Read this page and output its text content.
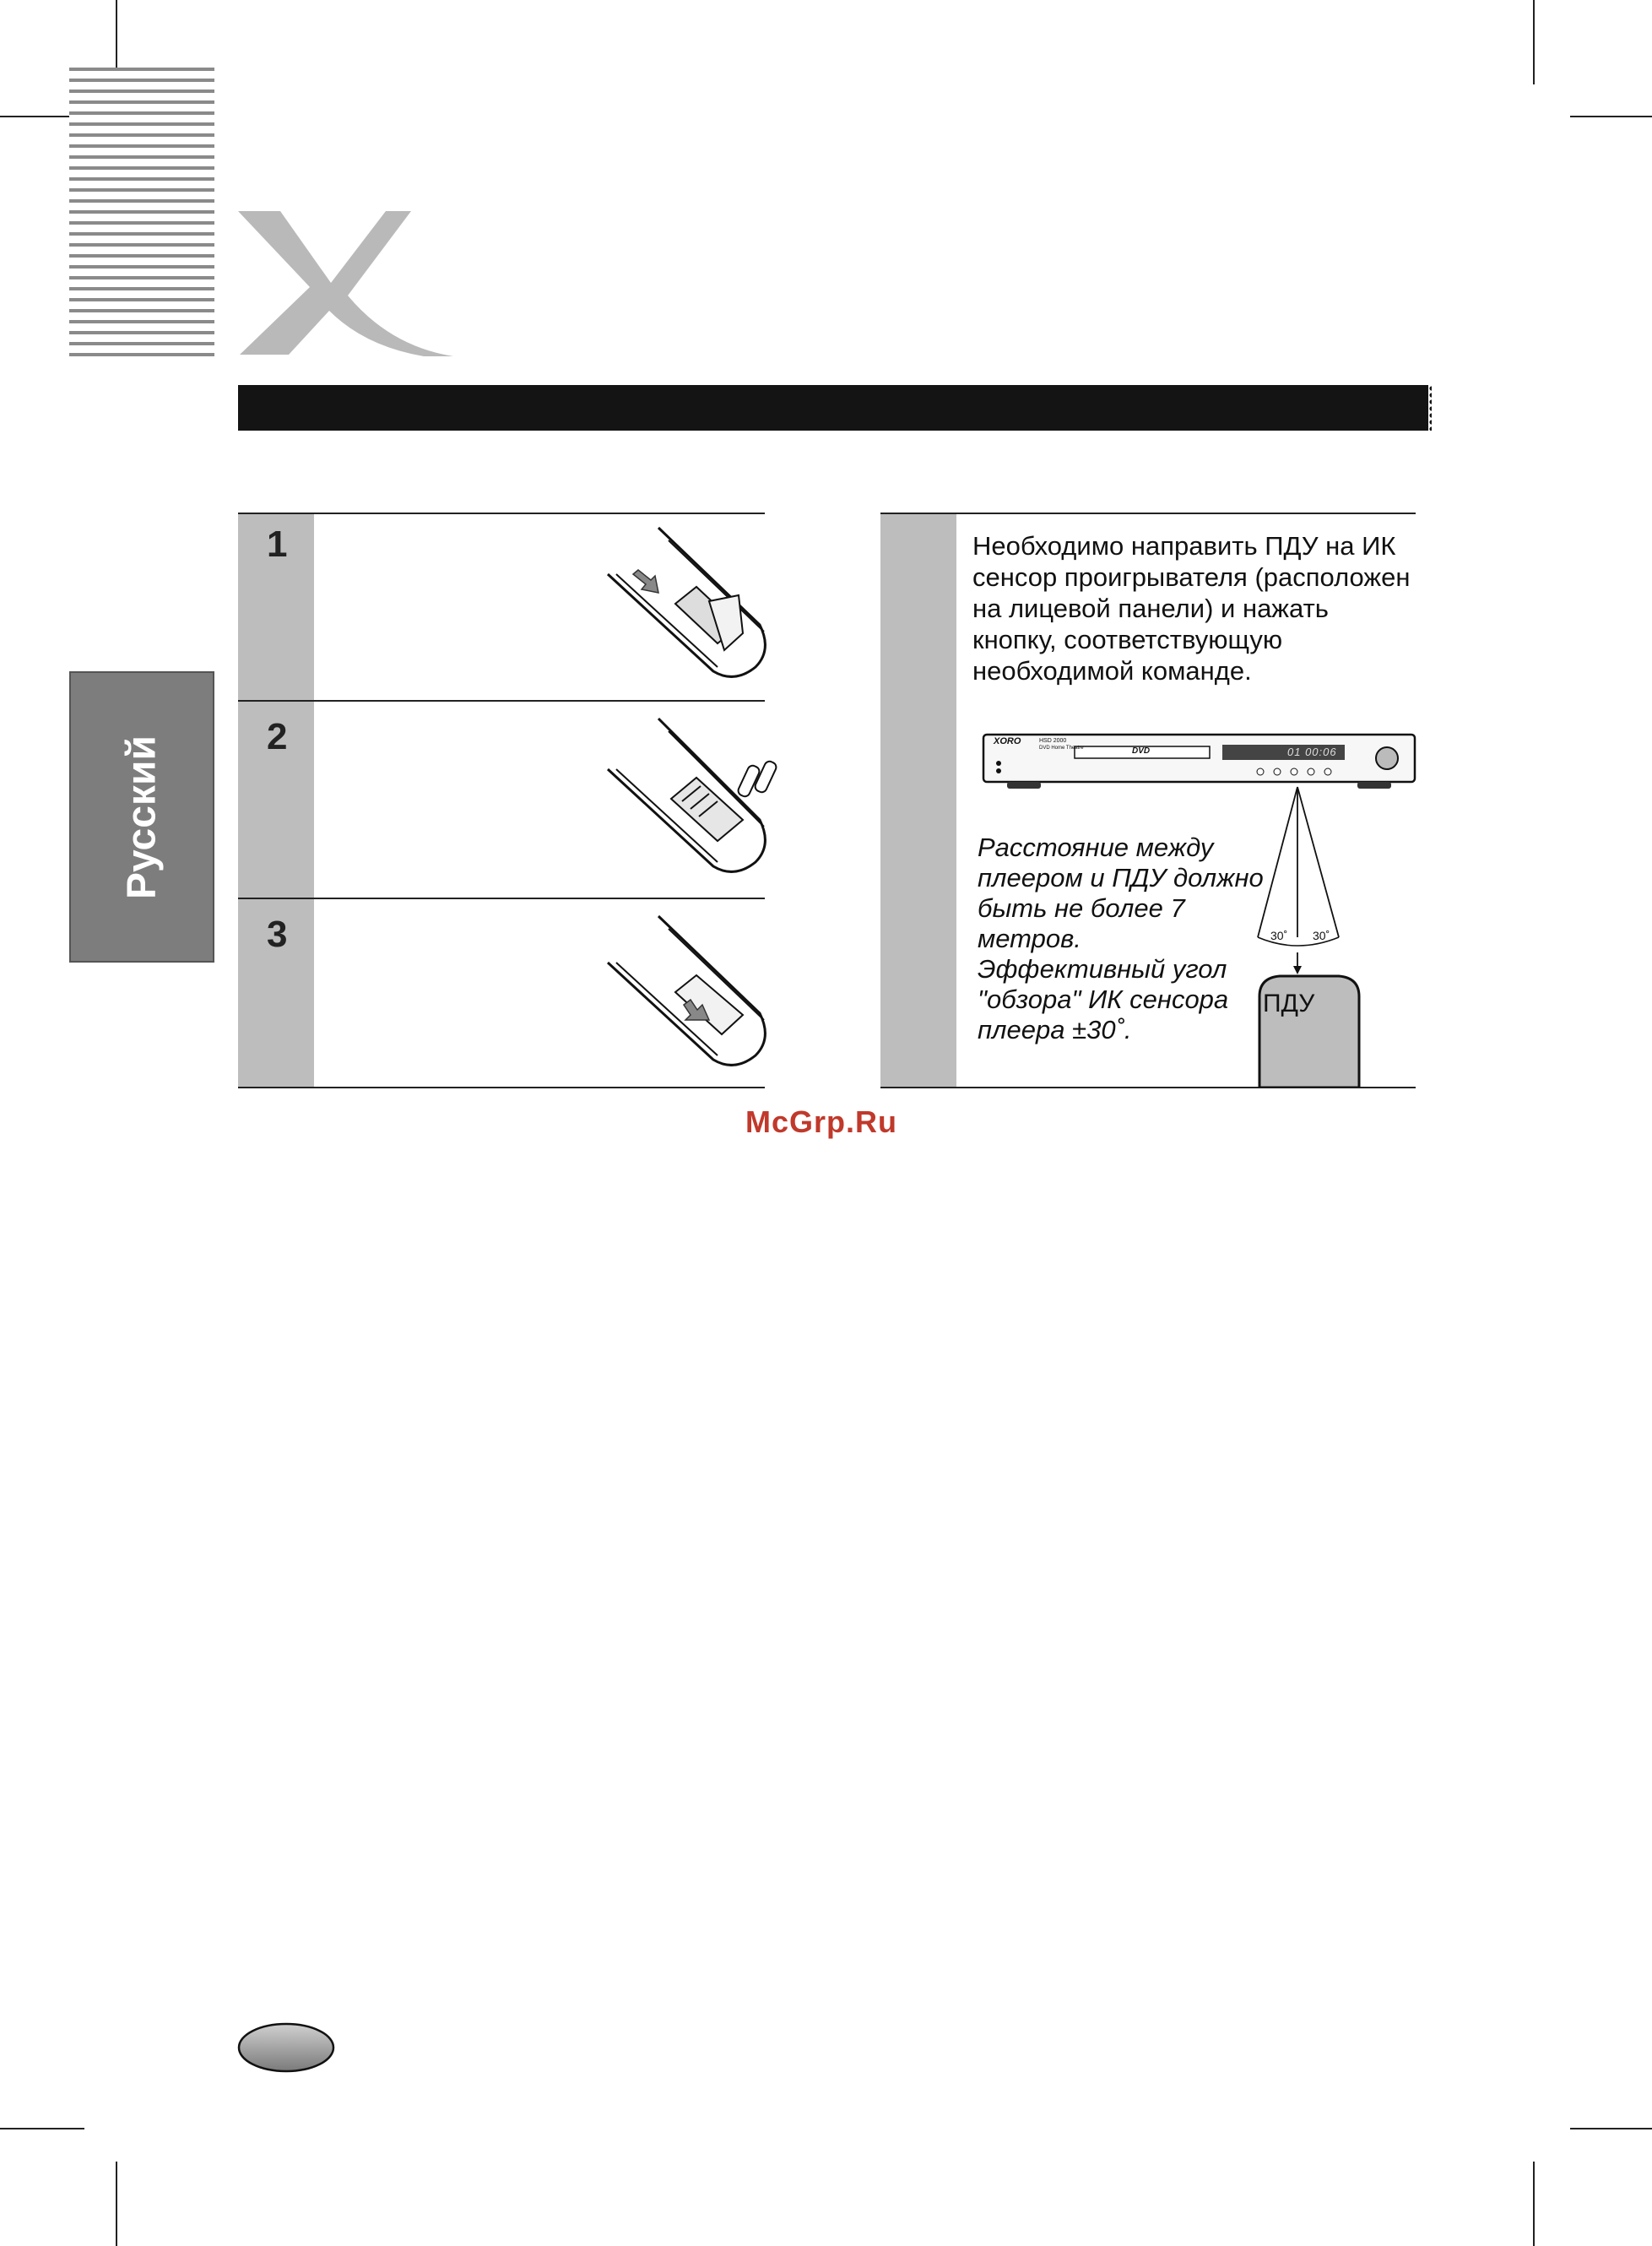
Русский
1
2
3

Необходимо направить ПДУ на ИК сенсор проигрывателя (расположен на лицевой панели) и нажать кнопку, соответствующую необходимой команде.

XORO	HSD 2000
DVD Home Theatre	DVD	01 00:06
30˚ 30˚
ПДУ

Расстояние между плеером и ПДУ должно быть не более 7 метров. Эффективный угол "обзора" ИК сенсора плеера ±30˚.

McGrp.Ru
